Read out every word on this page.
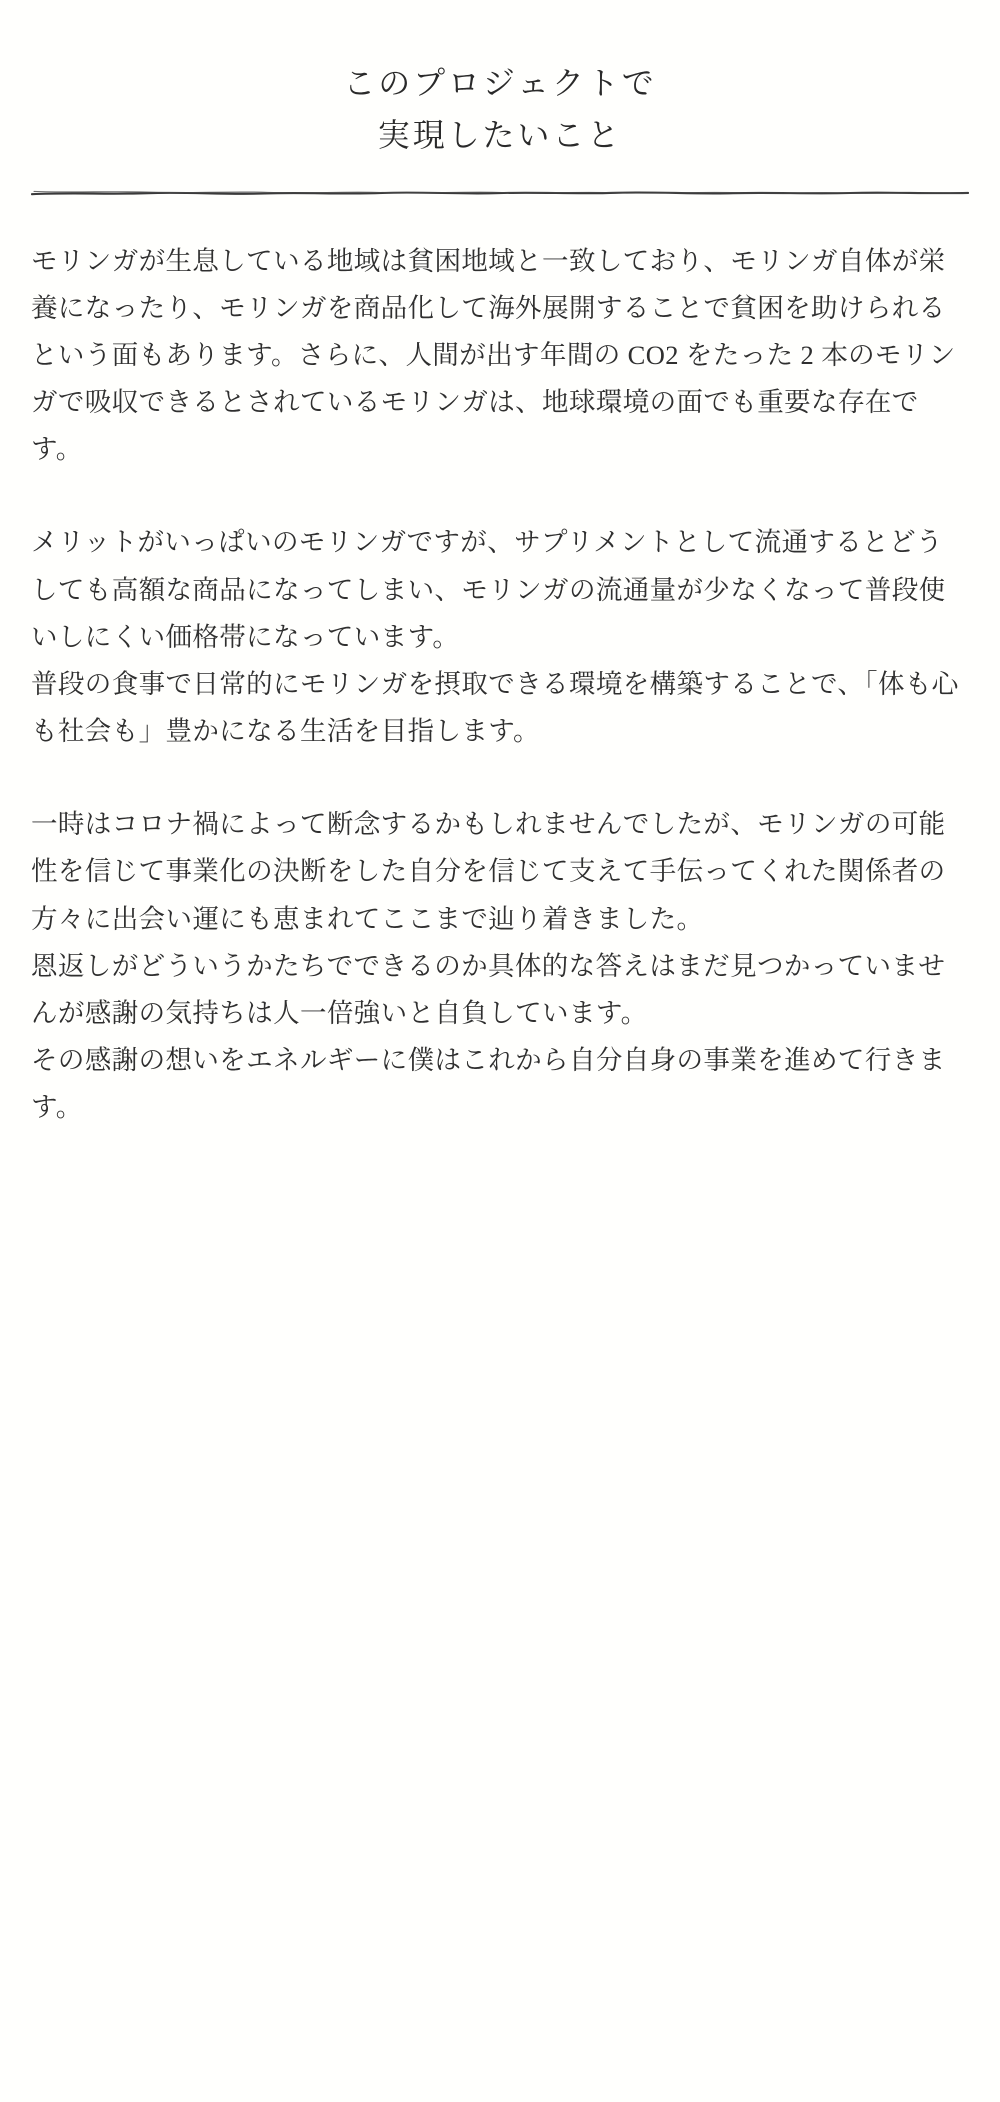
このプロジェクトで
実現したいこと

モリンガが生息している地域は貧困地域と一致しており、モリンガ自体が栄養になったり、モリンガを商品化して海外展開することで貧困を助けられるという面もあります。さらに、人間が出す年間の CO2 をたった 2 本のモリンガで吸収できるとされているモリンガは、地球環境の面でも重要な存在です。

メリットがいっぱいのモリンガですが、サプリメントとして流通するとどうしても高額な商品になってしまい、モリンガの流通量が少なくなって普段使いしにくい価格帯になっています。
普段の食事で日常的にモリンガを摂取できる環境を構築することで、「体も心も社会も」豊かになる生活を目指します。

一時はコロナ禍によって断念するかもしれませんでしたが、モリンガの可能性を信じて事業化の決断をした自分を信じて支えて手伝ってくれた関係者の方々に出会い運にも恵まれてここまで辿り着きました。
恩返しがどういうかたちでできるのか具体的な答えはまだ見つかっていませんが感謝の気持ちは人一倍強いと自負しています。
その感謝の想いをエネルギーに僕はこれから自分自身の事業を進めて行きます。
